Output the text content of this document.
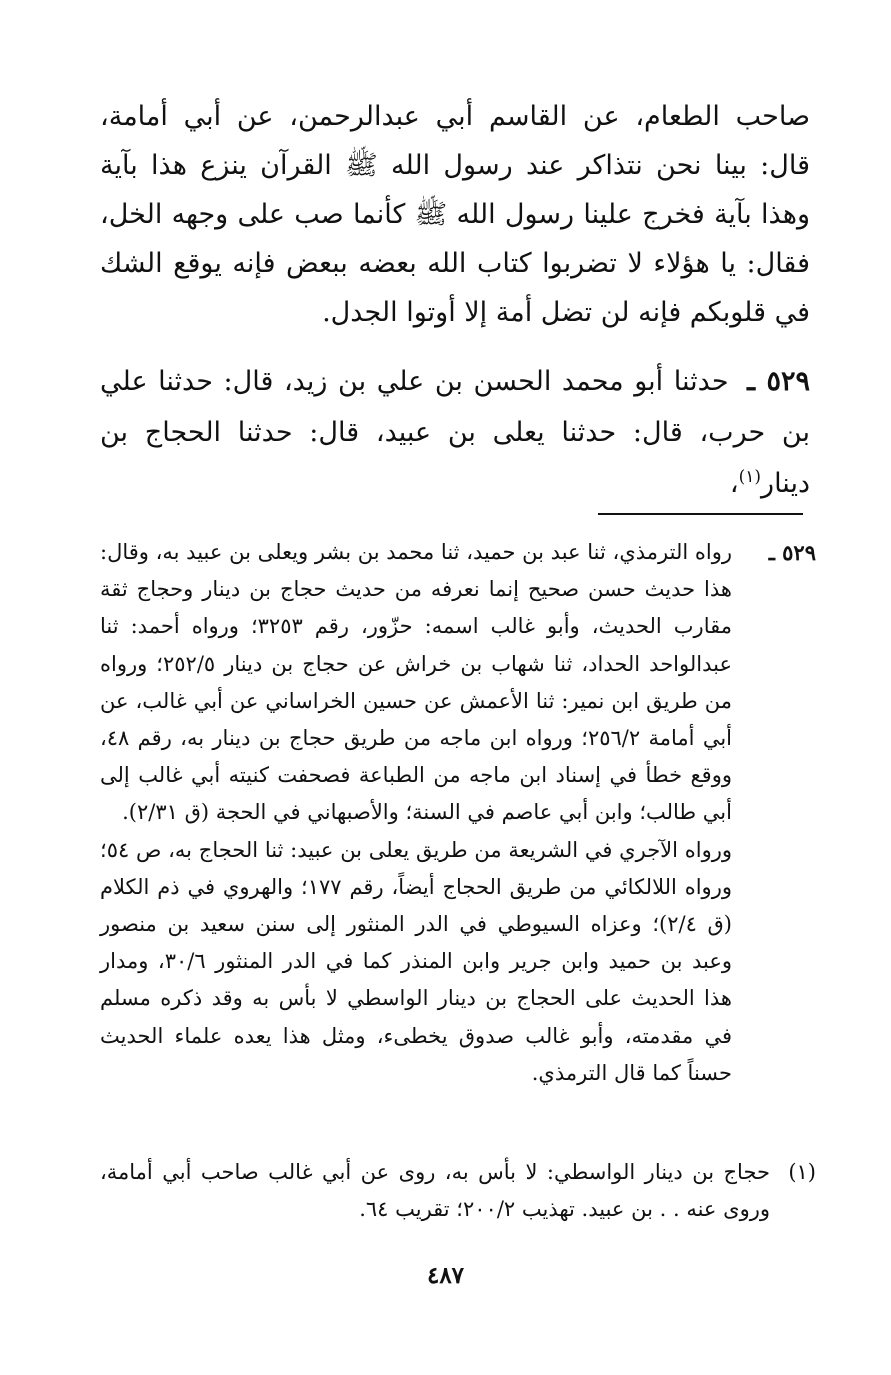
صاحب الطعام، عن القاسم أبي عبدالرحمن، عن أبي أمامة، قال: بينا نحن نتذاكر عند رسول الله ﷺ القرآن ينزع هذا بآية وهذا بآية فخرج علينا رسول الله ﷺ كأنما صب على وجهه الخل، فقال: يا هؤلاء لا تضربوا كتاب الله بعضه ببعض فإنه يوقع الشك في قلوبكم فإنه لن تضل أمة إلا أوتوا الجدل.

٥٢٩ ـ حدثنا أبو محمد الحسن بن علي بن زيد، قال: حدثنا علي بن حرب، قال: حدثنا يعلى بن عبيد، قال: حدثنا الحجاج بن دينار$^{(١)}$،

٥٢٩ ـ

رواه الترمذي، ثنا عبد بن حميد، ثنا محمد بن بشر ويعلى بن عبيد به، وقال: هذا حديث حسن صحيح إنما نعرفه من حديث حجاج بن دينار وحجاج ثقة مقارب الحديث، وأبو غالب اسمه: حزّور، رقم ٣٢٥٣؛ ورواه أحمد: ثنا عبدالواحد الحداد، ثنا شهاب بن خراش عن حجاج بن دينار ٢٥٢/٥؛ ورواه من طريق ابن نمير: ثنا الأعمش عن حسين الخراساني عن أبي غالب، عن أبي أمامة ٢٥٦/٢؛ ورواه ابن ماجه من طريق حجاج بن دينار به، رقم ٤٨، ووقع خطأ في إسناد ابن ماجه من الطباعة فصحفت كنيته أبي غالب إلى أبي طالب؛ وابن أبي عاصم في السنة؛ والأصبهاني في الحجة (ق ٢/٣١).

ورواه الآجري في الشريعة من طريق يعلى بن عبيد: ثنا الحجاج به، ص ٥٤؛ ورواه اللالكائي من طريق الحجاج أيضاً، رقم ١٧٧؛ والهروي في ذم الكلام (ق ٢/٤)؛ وعزاه السيوطي في الدر المنثور إلى سنن سعيد بن منصور وعبد بن حميد وابن جرير وابن المنذر كما في الدر المنثور ٣٠/٦، ومدار هذا الحديث على الحجاج بن دينار الواسطي لا بأس به وقد ذكره مسلم في مقدمته، وأبو غالب صدوق يخطىء، ومثل هذا يعده علماء الحديث حسناً كما قال الترمذي.

(١)

حجاج بن دينار الواسطي: لا بأس به، روى عن أبي غالب صاحب أبي أمامة، وروى عنه . . بن عبيد. تهذيب ٢٠٠/٢؛ تقريب ٦٤.

٤٨٧
